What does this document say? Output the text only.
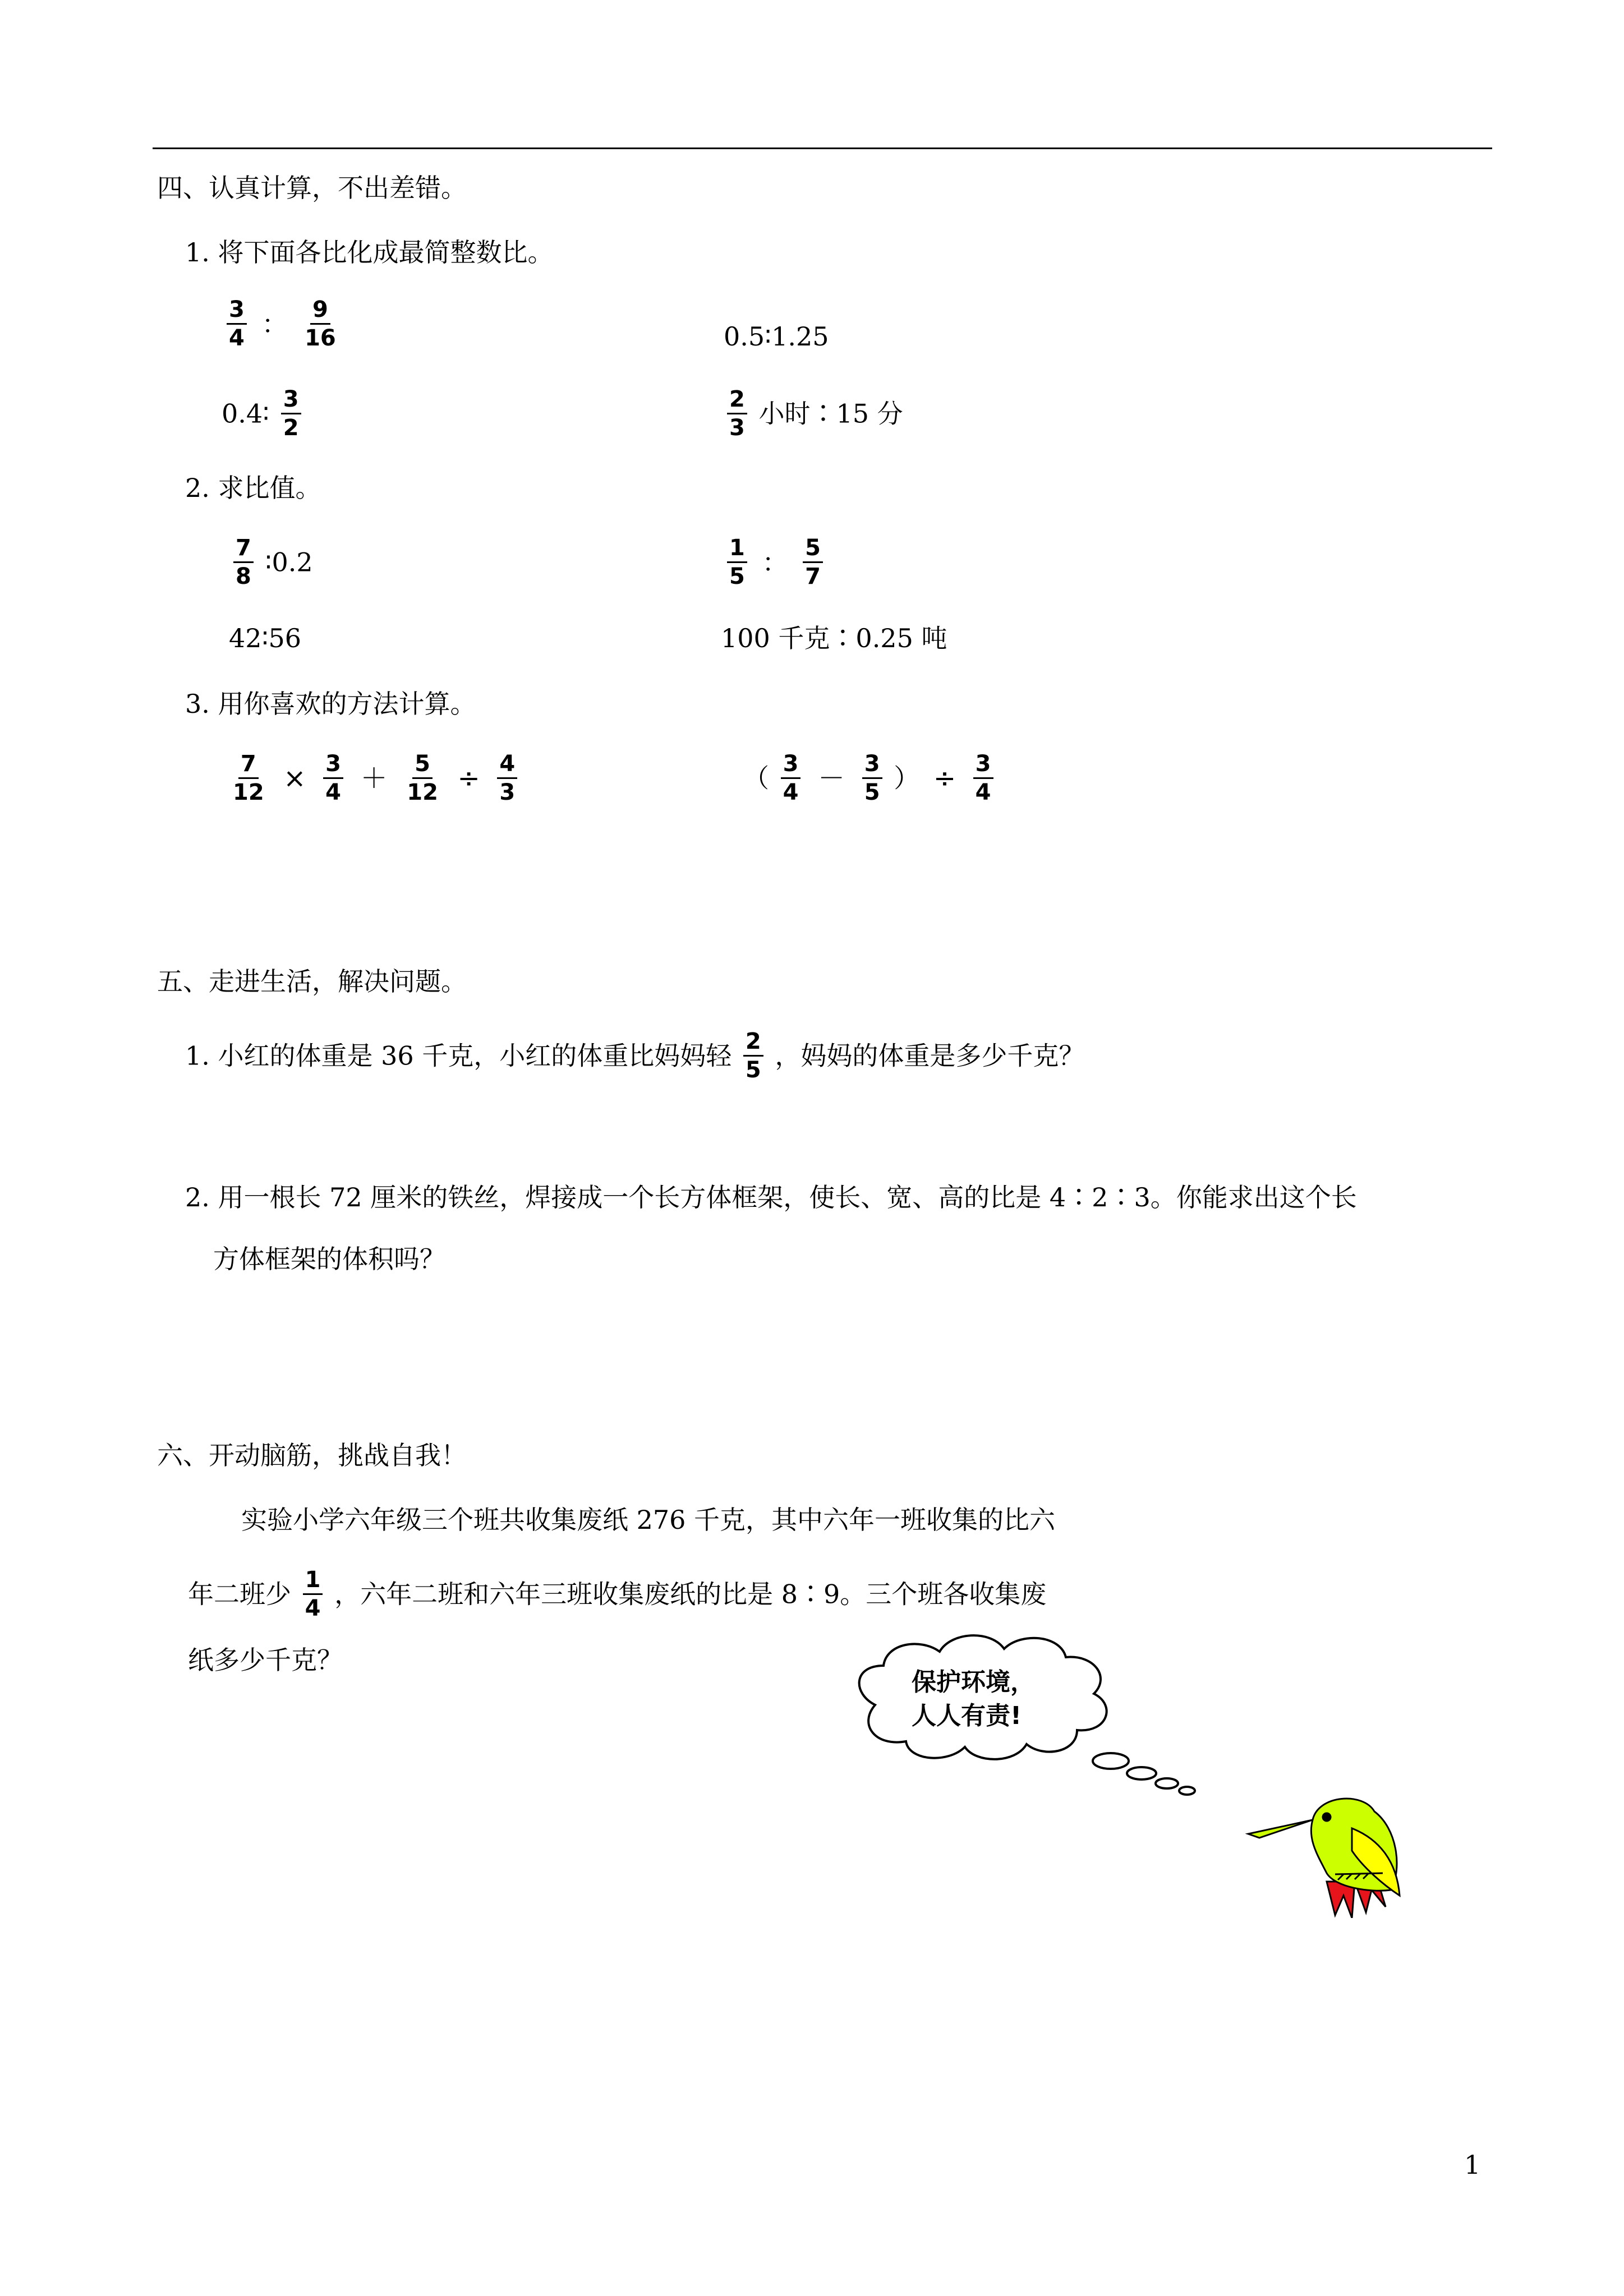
四、认真计算，不出差错。
1. 将下面各比化成最简整数比。
$\frac{3}{4}$ ： $\frac{9}{16}$	0.5∶1.25
0.4∶ $\frac{3}{2}$	$\frac{2}{3}$ 小时∶15 分
2. 求比值。
$\frac{7}{8}$ ∶0.2	$\frac{1}{5}$ ： $\frac{5}{7}$
42∶56	100 千克∶0.25 吨
3. 用你喜欢的方法计算。
$\frac{7}{12} \times \frac{3}{4} + \frac{5}{12} \div \frac{4}{3}$	（ $\frac{3}{4} - \frac{3}{5}$ ） ÷ $\frac{3}{4}$
五、走进生活，解决问题。
1. 小红的体重是 36 千克，小红的体重比妈妈轻 $\frac{2}{5}$ ，妈妈的体重是多少千克？
2. 用一根长 72 厘米的铁丝，焊接成一个长方体框架，使长、宽、高的比是 4∶2∶3。你能求出这个长
方体框架的体积吗？
六、开动脑筋，挑战自我！
实验小学六年级三个班共收集废纸 276 千克，其中六年一班收集的比六
年二班少 $\frac{1}{4}$ ，六年二班和六年三班收集废纸的比是 8∶9。三个班各收集废
纸多少千克？
保护环境，
人人有责!
1
